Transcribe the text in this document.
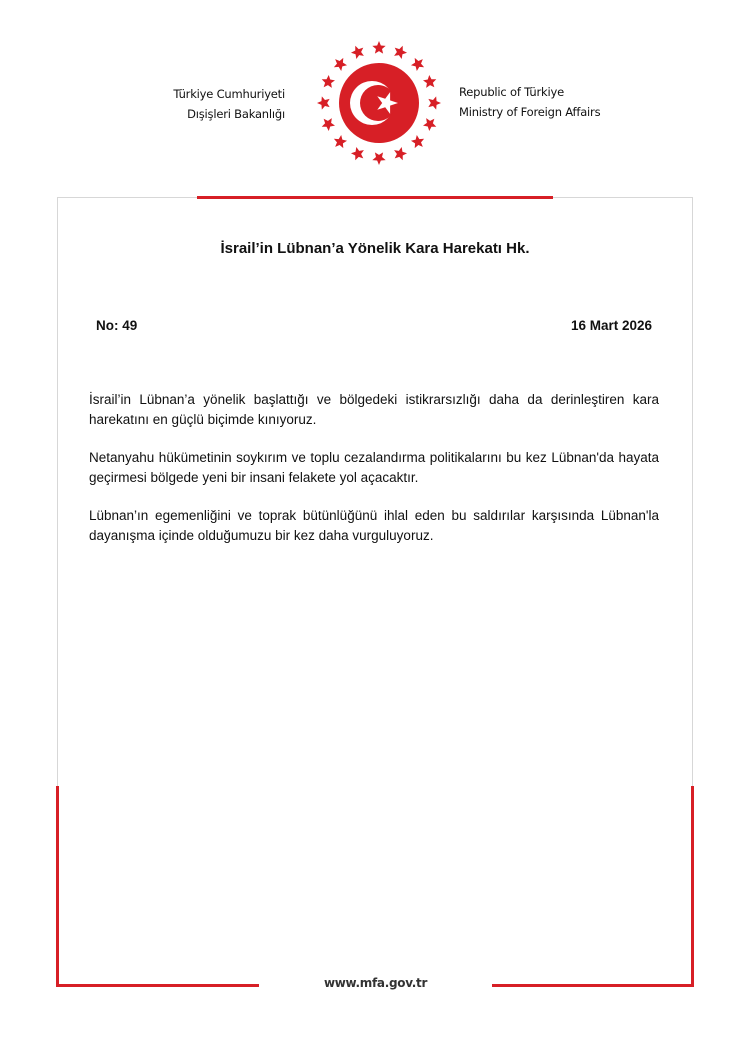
Türkiye Cumhuriyeti
Dışişleri Bakanlığı
Republic of Türkiye
Ministry of Foreign Affairs
www.mfa.gov.tr
İsrail’in Lübnan’a Yönelik Kara Harekatı Hk.
No: 49	16 Mart 2026

İsrail’in Lübnan’a yönelik başlattığı ve bölgedeki istikrarsızlığı daha da derinleştiren kara harekatını en güçlü biçimde kınıyoruz.

Netanyahu hükümetinin soykırım ve toplu cezalandırma politikalarını bu kez Lübnan'da hayata geçirmesi bölgede yeni bir insani felakete yol açacaktır.

Lübnan’ın egemenliğini ve toprak bütünlüğünü ihlal eden bu saldırılar karşısında Lübnan'la dayanışma içinde olduğumuzu bir kez daha vurguluyoruz.
